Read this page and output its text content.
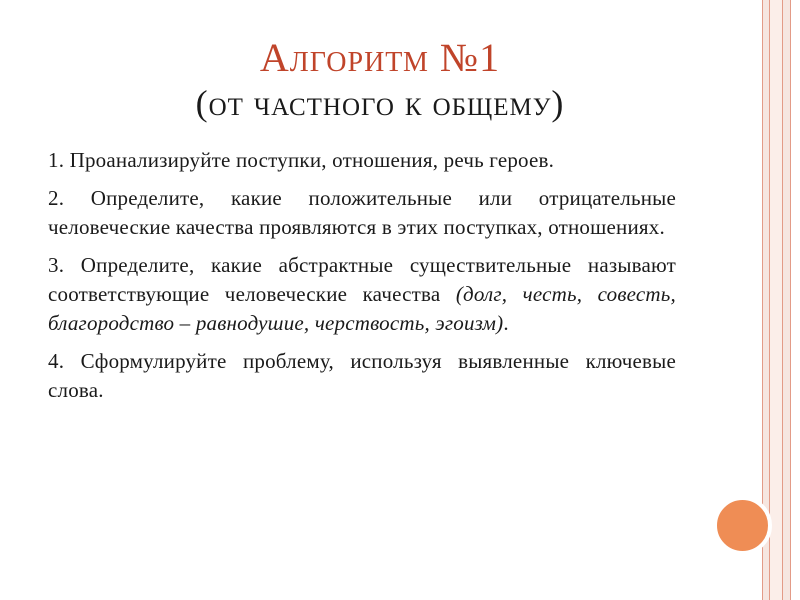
Алгоритм №1
(от частного к общему)

1. Проанализируйте поступки, отношения, речь героев.

2. Определите, какие положительные или отрицательные человеческие качества проявляются в этих поступках, отношениях.

3. Определите, какие абстрактные существительные называют соответствующие человеческие качества (долг, честь, совесть, благородство – равнодушие, черствость, эгоизм).

4. Сформулируйте проблему, используя выявленные ключевые слова.
